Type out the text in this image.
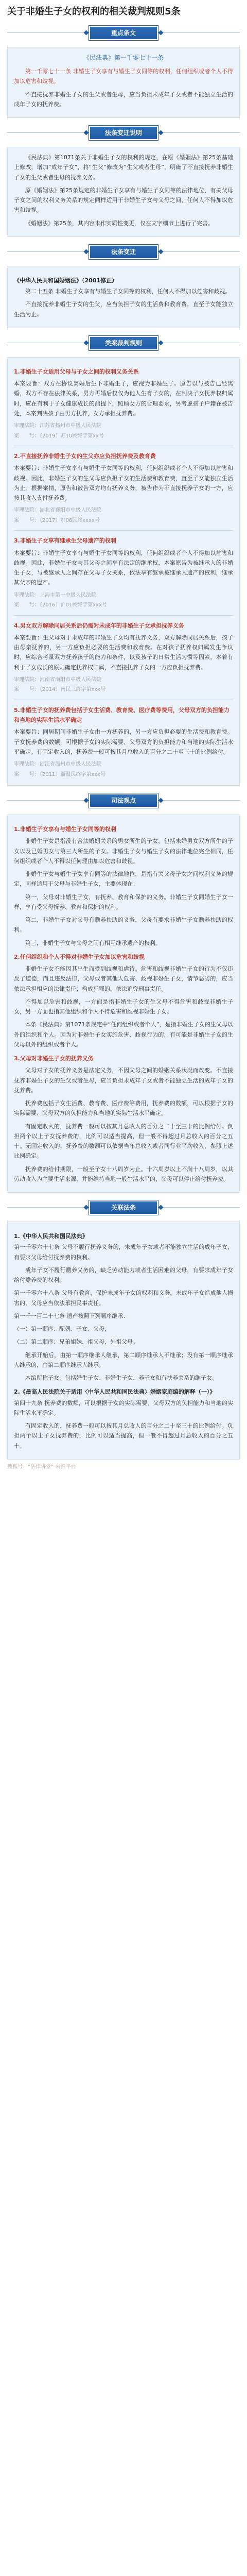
关于非婚生子女的权利的相关裁判规则5条
重点条文
《民法典》第一千零七十一条
第一千零七十一条 非婚生子女享有与婚生子女同等的权利，任何组织或者个人不得加以危害和歧视。
不直接抚养非婚生子女的生父或者生母，应当负担未成年子女或者不能独立生活的成年子女的抚养费。
法条变迁说明
《民法典》第1071条关于非婚生子女的权利的规定，在原《婚姻法》第25条基础上修改，增加“成年子女”，将“生父”修改为“生父或者生母”，明确了不直接抚养非婚生子女的生父或者生母的抚养义务。
原《婚姻法》第25条规定的非婚生子女享有与婚生子女同等的法律地位，有关父母子女之间的权利义务关系的规定同样适用于非婚生子女与父母之间，任何人不得加以危害和歧视。
《婚姻法》第25条，其内容未作实质性变更，仅在文字细节上进行了完善。
法条变迁
《中华人民共和国婚姻法》（2001修正）
第二十五条 非婚生子女享有与婚生子女同等的权利，任何人不得加以危害和歧视。
不直接抚养非婚生子女的生父，应当负担子女的生活费和教育费，直至子女能独立生活为止。
类案裁判规则
1.非婚生子女适用父母与子女之间的权利义务关系
本案要旨：双方在协议离婚后生下非婚生子，应视为非婚生子。原告以与被告已经离婚，双方不存在法律关系，男方再婚后仅仅为他人生育子女的，在判决子女抚养权归属时，应在有利于子女健康成长的前提下，照顾女方的合理要求，另考虑孩子户籍在被告处，本案判决孩子由男方抚养，女方承担抚养费。
审理法院：江苏省扬州市中级人民法院
案　　号：（2019）苏10民终字第xx号
2.不直接抚养非婚生子女的生父亦应负担抚养费及教育费
本案要旨：非婚生子女享有与婚生子女同等的权利，任何组织或者个人不得加以危害和歧视。因此，非婚生子女的生父母应负担子女的生活费和教育费，直至子女能独立生活为止。根据案情，原告和被告双方均有抚养义务，被告作为不直接抚养子女的一方，应按其收入支付抚养费。
审理法院：湖北省襄阳市中级人民法院
案　　号：（2017）鄂06民终xxxx号
3.非婚生子女享有继承生父母遗产的权利
本案要旨：非婚生子女享有与婚生子女同等的权利，任何组织或者个人不得加以危害和歧视。因此，非婚生子女与其父母之间享有法定的继承权，本案原告为被继承人的非婚生子女，与被继承人之间存在父母子女关系，依法享有继承被继承人遗产的权利，继承其父亲的遗产。
审理法院：上海市第一中级人民法院
案　　号：（2016）沪01民终字第xxx号
4.男女双方解除同居关系后仍需对未成年的非婚生子女承担抚养义务
本案要旨：生父母对于未成年的非婚生子女均有抚养义务，双方解除同居关系后，孩子由母亲抚养的，另一方应负担必要的生活费和教育费。在对孩子抚养权归属发生争议时，应综合考量双方抚养孩子的能力和条件，以及孩子的日常生活习惯等因素，本着有利于子女成长的原则确定抚养权归属，不直接抚养子女的一方应负担抚养费。
审理法院：河南省南阳市中级人民法院
案　　号：（2014）南民三终字第xxx号
5.非婚生子女的抚养费包括子女生活费、教育费、医疗费等费用，父母双方的负担能力和当地的实际生活水平确定
本案要旨：同居期间非婚生子女由一方抚养的，另一方应负担必要的生活费和教育费。子女抚养费的数额，可根据子女的实际需要、父母双方的负担能力和当地的实际生活水平确定。有固定收入的，抚养费一般可按其月总收入的百分之二十至三十的比例给付。
审理法院：浙江省温州市中级人民法院
案　　号：（2011）浙温民终字第xxx号
司法观点
1.非婚生子女享有与婚生子女同等的权利
非婚生子女是指没有合法婚姻关系的男女所生的子女，包括未婚男女双方所生的子女以及已婚男女与第三人所生的子女。非婚生子女与婚生子女的法律地位完全相同，任何组织或者个人不得以任何理由加以危害和歧视。
非婚生子女与婚生子女享有同等的法律地位，是指有关父母子女之间权利义务的规定，同样适用于父母与非婚生子女，主要体现在：
第一，父母对非婚生子女，有抚养、教育和保护的义务。非婚生子女同婚生子女一样，享有受父母抚养、教育和保护的权利。
第二，非婚生子女对父母有赡养扶助的义务，父母有要求非婚生子女赡养扶助的权利。
第三，非婚生子女与父母之间有相互继承遗产的权利。
2.任何组织和个人不得对非婚生子女加以危害和歧视
非婚生子女不能因其出生而受到歧视和虐待。危害和歧视非婚生子女的行为不仅违反了道德，而且违反法律，父母或者其他人危害、歧视非婚生子女，情节恶劣的，应当依法承担相应的法律责任；构成犯罪的，依法追究刑事责任。
不得加以危害和歧视，一方面是指非婚生子女的生父母不得危害和歧视非婚生子女，另一方面也指其他组织和个人不得危害和歧视非婚生子女。
本条《民法典》第1071条规定中“任何组织或者个人”，是指非婚生子女的生父母以外的组织和个人。因为对非婚生子女实施危害、歧视行为的，有可能是非婚生子女的生父母以外的组织或者个人。
3.父母对非婚生子女的抚养义务
父母对子女的抚养义务是法定义务，不因父母之间的婚姻关系状况而改变。不直接抚养非婚生子女的生父或者生母，应当负担未成年子女或者不能独立生活的成年子女的抚养费。
抚养费包括子女生活费、教育费、医疗费等费用，抚养费的数额，可以根据子女的实际需要、父母双方的负担能力和当地的实际生活水平确定。
有固定收入的，抚养费一般可以按其月总收入的百分之二十至三十的比例给付。负担两个以上子女抚养费的，比例可以适当提高，但一般不得超过月总收入的百分之五十。无固定收入的，抚养费的数额可以依据当年总收入或者同行业平均收入，参照上述比例确定。
抚养费的给付期限，一般至子女十八周岁为止。十六周岁以上不满十八周岁，以其劳动收入为主要生活来源，并能维持当地一般生活水平的，父母可以停止给付抚养费。
关联法条
1.《中华人民共和国民法典》
第一千零六十七条 父母不履行抚养义务的，未成年子女或者不能独立生活的成年子女，有要求父母给付抚养费的权利。
成年子女不履行赡养义务的，缺乏劳动能力或者生活困难的父母，有要求成年子女给付赡养费的权利。
第一千零六十八条 父母有教育、保护未成年子女的权利和义务。未成年子女造成他人损害的，父母应当依法承担民事责任。
第一千一百二十七条 遗产按照下列顺序继承：
（一）第一顺序：配偶、子女、父母；
（二）第二顺序：兄弟姐妹、祖父母、外祖父母。
继承开始后，由第一顺序继承人继承，第二顺序继承人不继承；没有第一顺序继承人继承的，由第二顺序继承人继承。
本编所称子女，包括婚生子女、非婚生子女、养子女和有扶养关系的继子女。
2.《最高人民法院关于适用〈中华人民共和国民法典〉婚姻家庭编的解释（一）》
第四十九条 抚养费的数额，可以根据子女的实际需要、父母双方的负担能力和当地的实际生活水平确定。
有固定收入的，抚养费一般可以按其月总收入的百分之二十至三十的比例给付。负担两个以上子女抚养费的，比例可以适当提高，但一般不得超过月总收入的百分之五十。
搜狐号：“法律讲堂” 来源平台
